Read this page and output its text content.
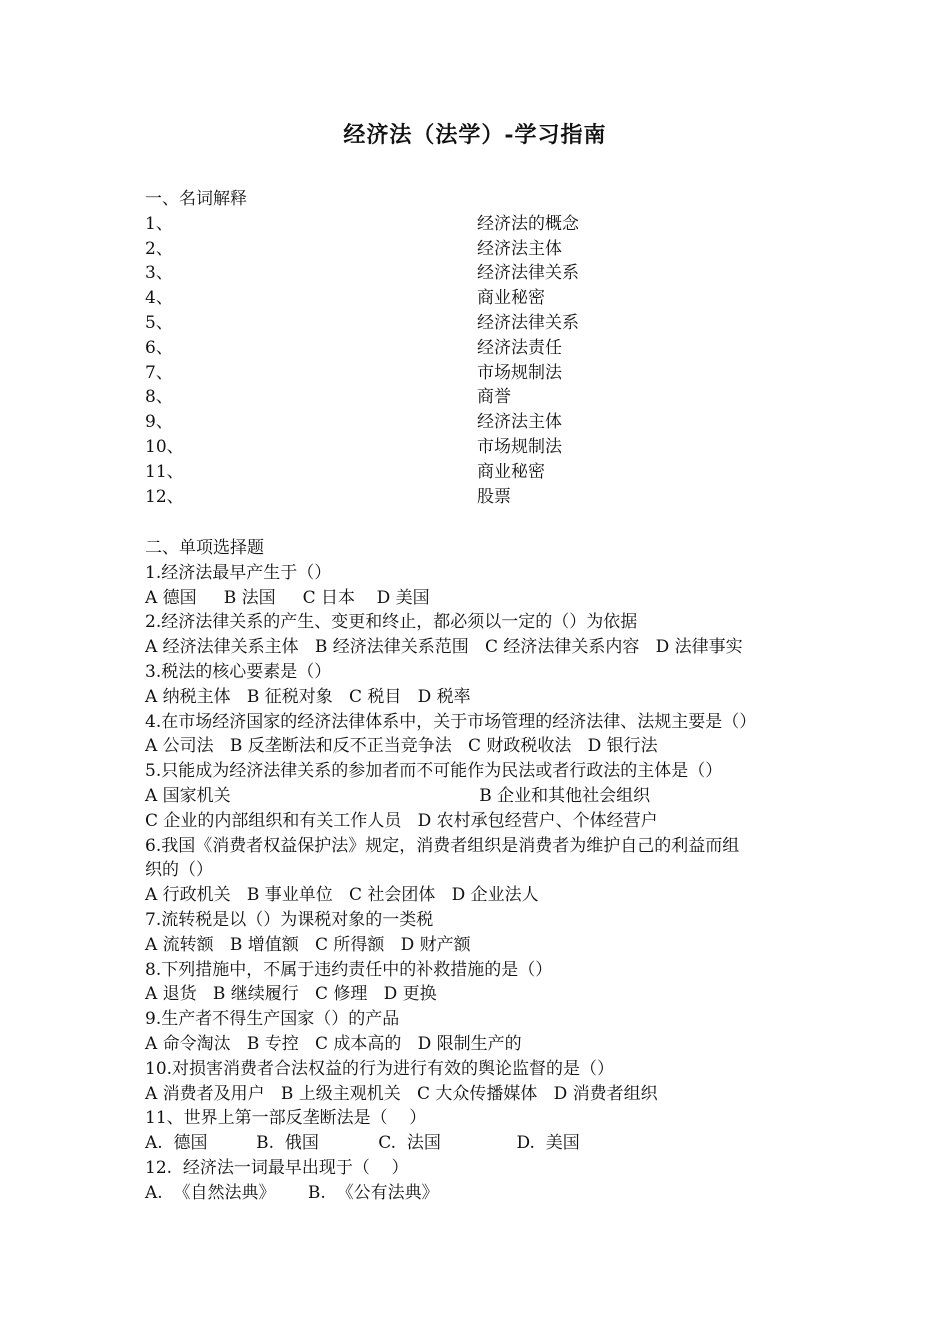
经济法（法学）-学习指南
一、名词解释
1、	经济法的概念
2、	经济法主体
3、	经济法律关系
4、	商业秘密
5、	经济法律关系
6、	经济法责任
7、	市场规制法
8、	商誉
9、	经济法主体
10、	市场规制法
11、	商业秘密
12、	股票
二、单项选择题
1.经济法最早产生于（）
A 德国     B 法国     C 日本    D 美国
2.经济法律关系的产生、变更和终止，都必须以一定的（）为依据
A 经济法律关系主体   B 经济法律关系范围   C 经济法律关系内容   D 法律事实
3.税法的核心要素是（）
A 纳税主体   B 征税对象   C 税目   D 税率
4.在市场经济国家的经济法律体系中，关于市场管理的经济法律、法规主要是（）
A 公司法   B 反垄断法和反不正当竞争法   C 财政税收法   D 银行法
5.只能成为经济法律关系的参加者而不可能作为民法或者行政法的主体是（）
A 国家机关                                              B 企业和其他社会组织
C 企业的内部组织和有关工作人员   D 农村承包经营户、个体经营户
6.我国《消费者权益保护法》规定，消费者组织是消费者为维护自己的利益而组
织的（）
A 行政机关   B 事业单位   C 社会团体   D 企业法人
7.流转税是以（）为课税对象的一类税
A 流转额   B 增值额   C 所得额   D 财产额
8.下列措施中，不属于违约责任中的补救措施的是（）
A 退货   B 继续履行   C 修理   D 更换
9.生产者不得生产国家（）的产品
A 命令淘汰   B 专控   C 成本高的   D 限制生产的
10.对损害消费者合法权益的行为进行有效的舆论监督的是（）
A 消费者及用户   B 上级主观机关   C 大众传播媒体   D 消费者组织
11、世界上第一部反垄断法是（    ）
A.  德国         B.  俄国           C.  法国              D.  美国
12.  经济法一词最早出现于（    ）
A.  《自然法典》      B.  《公有法典》
